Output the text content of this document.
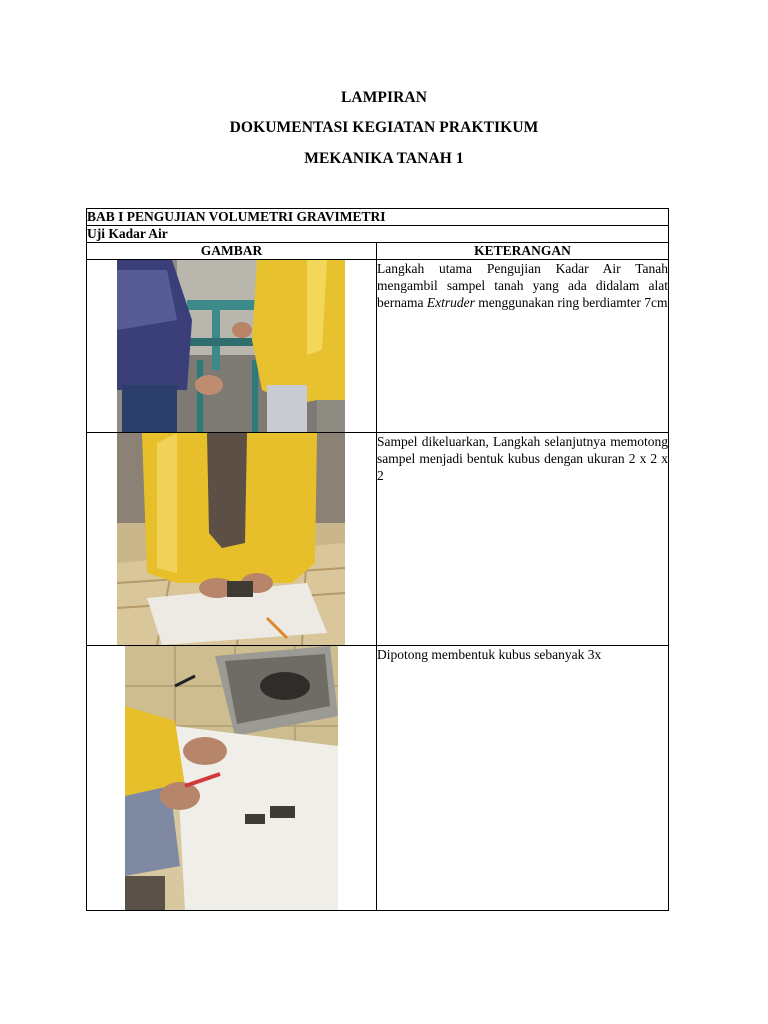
LAMPIRAN
DOKUMENTASI KEGIATAN PRAKTIKUM
MEKANIKA TANAH 1
BAB I PENGUJIAN VOLUMETRI GRAVIMETRI	
Uji Kadar Air	
GAMBAR	KETERANGAN

	Langkah utama Pengujian Kadar Air Tanah mengambil sampel tanah yang ada didalam alat bernama Extruder menggunakan ring berdiamter 7cm

	Sampel dikeluarkan, Langkah selanjutnya memotong sampel menjadi bentuk kubus dengan ukuran 2 x 2 x 2

	Dipotong membentuk kubus sebanyak 3x
